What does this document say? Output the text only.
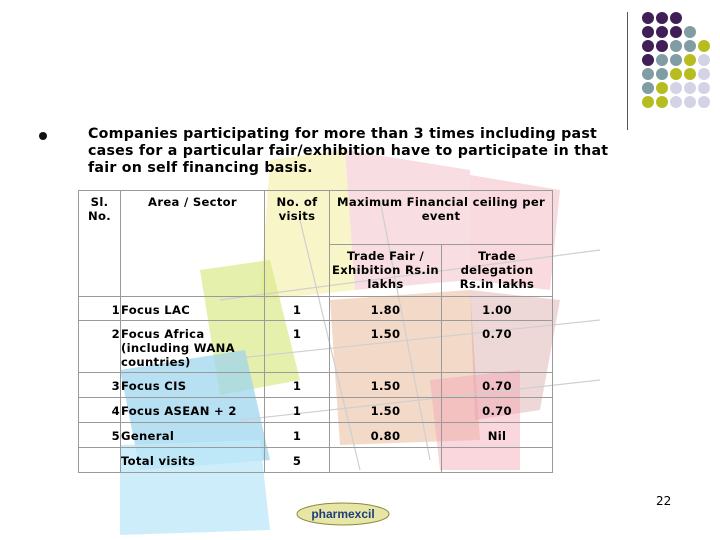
Companies participating for more than 3 times including past cases for a particular fair/exhibition have to participate in that fair on self financing basis.
Sl. No.	Area / Sector	No. of visits	Maximum Financial ceiling per event	

			Trade Fair / Exhibition Rs.in lakhs	Trade delegation Rs.in lakhs

1	Focus LAC	1	1.80	1.00
2	Focus Africa (including WANA countries)	1	1.50	0.70
3	Focus CIS	1	1.50	0.70
4	Focus ASEAN + 2	1	1.50	0.70
5	General	1	0.80	Nil
	Total visits	5		
22
pharmexcil
